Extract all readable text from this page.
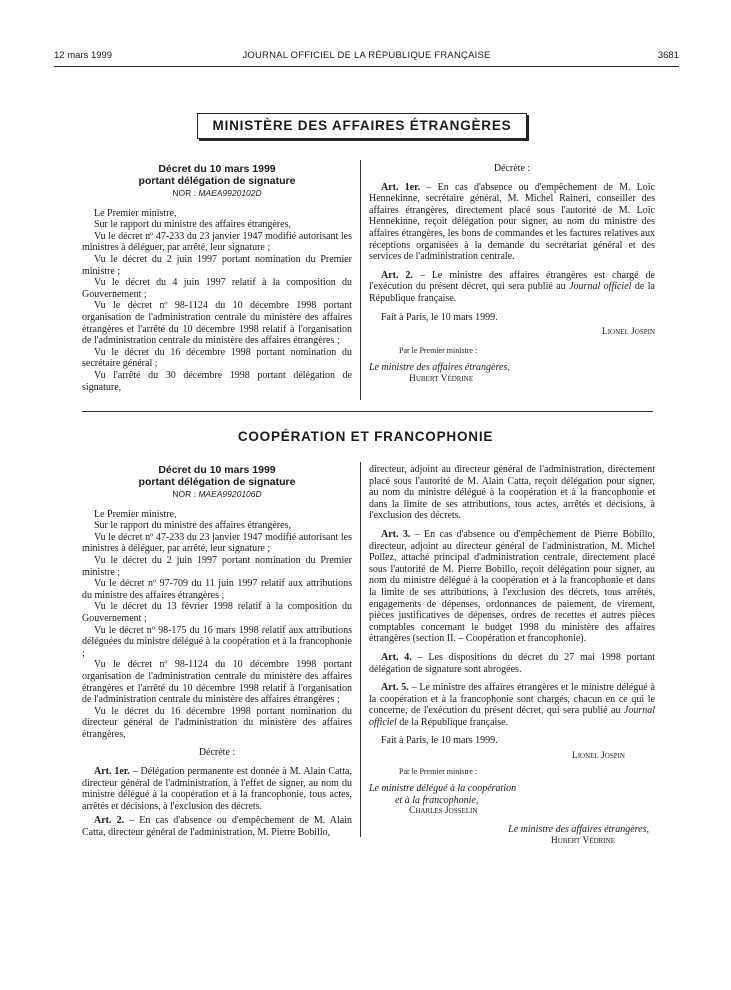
12 mars 1999	JOURNAL OFFICIEL DE LA RÉPUBLIQUE FRANÇAISE	3681
MINISTÈRE DES AFFAIRES ÉTRANGÈRES

Décret du 10 mars 1999

portant délégation de signature

NOR : MAEA9920102D

Le Premier ministre,

Sur le rapport du ministre des affaires étrangères,

Vu le décret nº 47-233 du 23 janvier 1947 modifié autorisant les ministres à déléguer, par arrêté, leur signature ;

Vu le décret du 2 juin 1997 portant nomination du Premier ministre ;

Vu le décret du 4 juin 1997 relatif à la composition du Gouvernement ;

Vu le décret nº 98-1124 du 10 décembre 1998 portant organisation de l'administration centrale du ministère des affaires étrangères et l'arrêté du 10 décembre 1998 relatif à l'organisation de l'administration centrale du ministère des affaires étrangères ;

Vu le décret du 16 décembre 1998 portant nomination du secrétaire général ;

Vu l'arrêté du 30 décembre 1998 portant délégation de signature,

Décrète :

Art. 1er. – En cas d'absence ou d'empêchement de M. Loïc Hennekinne, secrétaire général, M. Michel Raineri, conseiller des affaires étrangères, directement placé sous l'autorité de M. Loïc Hennekinne, reçoit délégation pour signer, au nom du ministre des affaires étrangères, les bons de commandes et les factures relatives aux réceptions organisées à la demande du secrétariat général et des services de l'administration centrale.

Art. 2. – Le ministre des affaires étrangères est chargé de l'exécution du présent décret, qui sera publié au Journal officiel de la République française.

Fait à Paris, le 10 mars 1999.

Lionel Jospin

Par le Premier ministre :

Le ministre des affaires étrangères,

Hubert Védrine

COOPÉRATION ET FRANCOPHONIE

Décret du 10 mars 1999

portant délégation de signature

NOR : MAEA9920106D

Le Premier ministre,

Sur le rapport du ministre des affaires étrangères,

Vu le décret nº 47-233 du 23 janvier 1947 modifié autorisant les ministres à déléguer, par arrêté, leur signature ;

Vu le décret du 2 juin 1997 portant nomination du Premier ministre ;

Vu le décret nº 97-709 du 11 juin 1997 relatif aux attributions du ministre des affaires étrangères ;

Vu le décret du 13 février 1998 relatif à la composition du Gouvernement ;

Vu le décret nº 98-175 du 16 mars 1998 relatif aux attributions déléguées du ministre délégué à la coopération et à la francophonie ;

Vu le décret nº 98-1124 du 10 décembre 1998 portant organisation de l'administration centrale du ministère des affaires étrangères et l'arrêté du 10 décembre 1998 relatif à l'organisation de l'administration centrale du ministère des affaires étrangères ;

Vu le décret du 16 décembre 1998 portant nomination du directeur général de l'administration du ministère des affaires étrangères,

Décrète :

Art. 1er. – Délégation permanente est donnée à M. Alain Catta, directeur général de l'administration, à l'effet de signer, au nom du ministre délégué à la coopération et à la francophonie, tous actes, arrêtés et décisions, à l'exclusion des décrets.

Art. 2. – En cas d'absence ou d'empêchement de M. Alain Catta, directeur général de l'administration, M. Pierre Bobillo,

directeur, adjoint au directeur général de l'administration, directement placé sous l'autorité de M. Alain Catta, reçoit délégation pour signer, au nom du ministre délégué à la coopération et à la francophonie et dans la limite de ses attributions, tous actes, arrêtés et décisions, à l'exclusion des décrets.

Art. 3. – En cas d'absence ou d'empêchement de Pierre Bobillo, directeur, adjoint au directeur général de l'administration, M. Michel Pollez, attaché principal d'administration centrale, directement placé sous l'autorité de M. Pierre Bobillo, reçoit délégation pour signer, au nom du ministre délégué à la coopération et à la francophonie et dans la limite de ses attributions, à l'exclusion des décrets, tous arrêtés, engagements de dépenses, ordonnances de paiement, de virement, pièces justificatives de dépenses, ordres de recettes et autres pièces comptables concernant le budget 1998 du ministère des affaires étrangères (section II. – Coopération et francophonie).

Art. 4. – Les dispositions du décret du 27 mai 1998 portant délégation de signature sont abrogées.

Art. 5. – Le ministre des affaires étrangères et le ministre délégué à la coopération et à la francophonie sont chargés, chacun en ce qui le concerne, de l'exécution du présent décret, qui sera publié au Journal officiel de la République française.

Fait à Paris, le 10 mars 1999.

Lionel Jospin

Par le Premier ministre :

Le ministre délégué à la coopération

et à la francophonie,

Charles Josselin

Le ministre des affaires étrangères,

Hubert Védrine
